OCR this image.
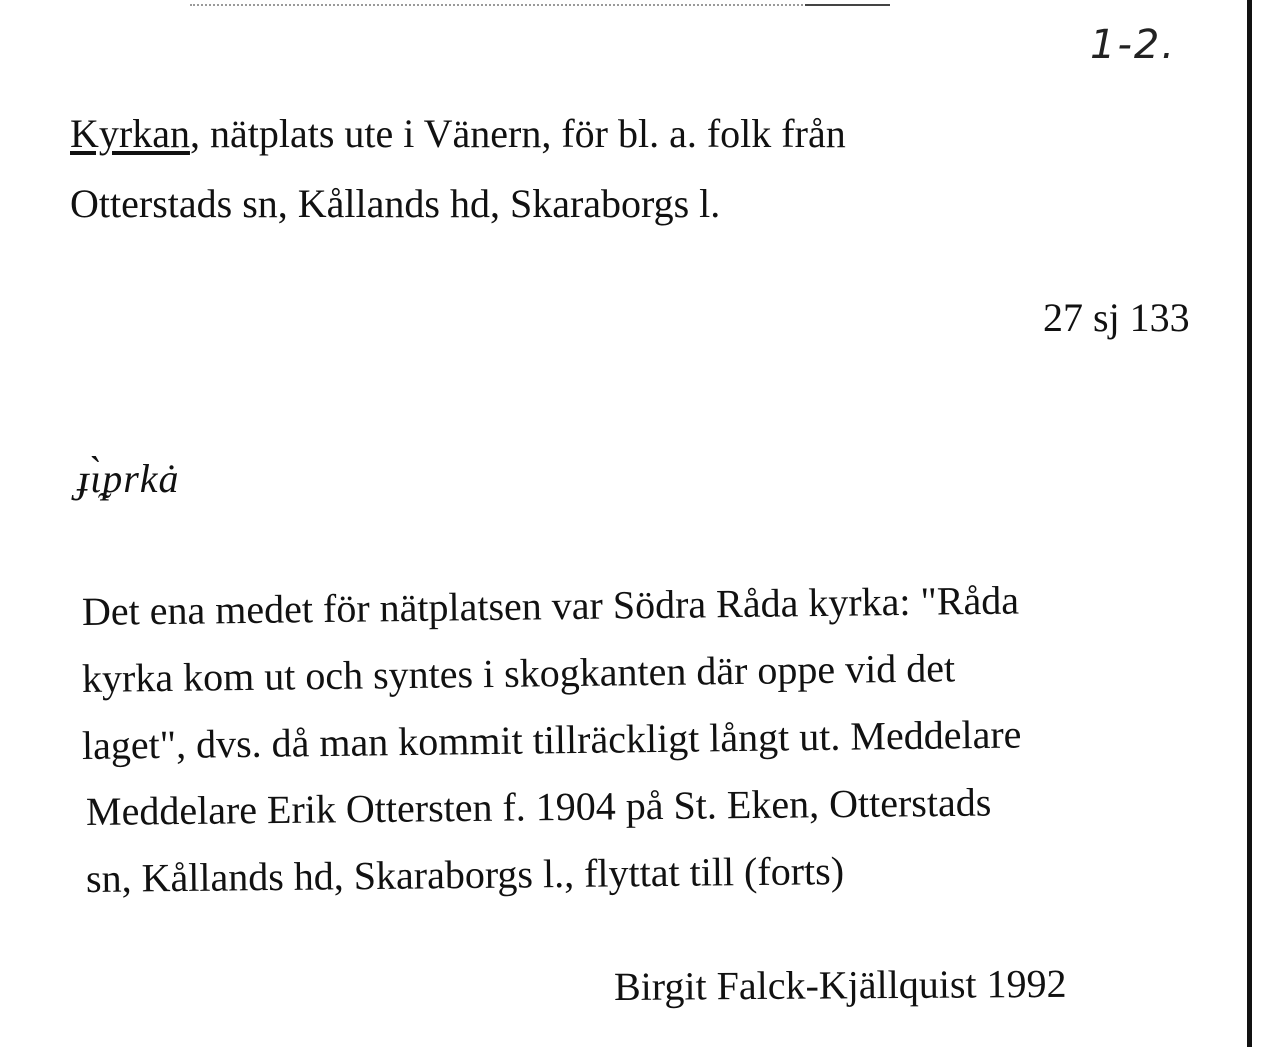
1-2.
Kyrkan, nätplats ute i Vänern, för bl. a. folk från
Otterstads sn, Kållands hd, Skaraborgs l.
27 sj 133
ɟɩ̀ᵱrkȧ
Det ena medet för nätplatsen var Södra Råda kyrka: "Råda
kyrka kom ut och syntes i skogkanten där oppe vid det
laget", dvs. då man kommit tillräckligt långt ut. Meddelare
Meddelare Erik Ottersten f. 1904 på St. Eken, Otterstads
sn, Kållands hd, Skaraborgs l., flyttat till (forts)
Birgit Falck-Kjällquist 1992
